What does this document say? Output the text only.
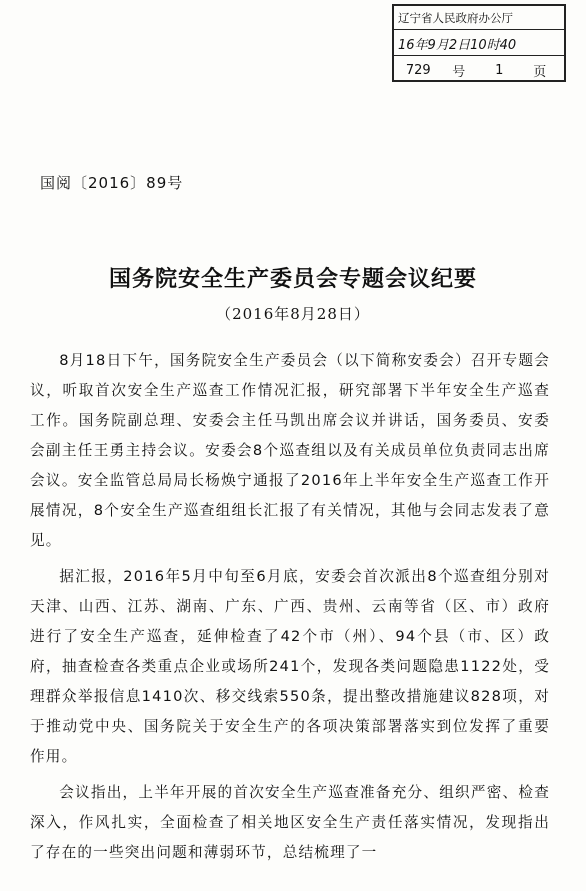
辽宁省人民政府办公厅
16年9月2日10时40
729	号	1	页
国阅〔2016〕89号
国务院安全生产委员会专题会议纪要
（2016年8月28日）

8月18日下午，国务院安全生产委员会（以下简称安委会）召开专题会议，听取首次安全生产巡查工作情况汇报，研究部署下半年安全生产巡查工作。国务院副总理、安委会主任马凯出席会议并讲话，国务委员、安委会副主任王勇主持会议。安委会8个巡查组以及有关成员单位负责同志出席会议。安全监管总局局长杨焕宁通报了2016年上半年安全生产巡查工作开展情况，8个安全生产巡查组组长汇报了有关情况，其他与会同志发表了意见。

据汇报，2016年5月中旬至6月底，安委会首次派出8个巡查组分别对天津、山西、江苏、湖南、广东、广西、贵州、云南等省（区、市）政府进行了安全生产巡查，延伸检查了42个市（州）、94个县（市、区）政府，抽查检查各类重点企业或场所241个，发现各类问题隐患1122处，受理群众举报信息1410次、移交线索550条，提出整改措施建议828项，对于推动党中央、国务院关于安全生产的各项决策部署落实到位发挥了重要作用。

会议指出，上半年开展的首次安全生产巡查准备充分、组织严密、检查深入，作风扎实，全面检查了相关地区安全生产责任落实情况，发现指出了存在的一些突出问题和薄弱环节，总结梳理了一
